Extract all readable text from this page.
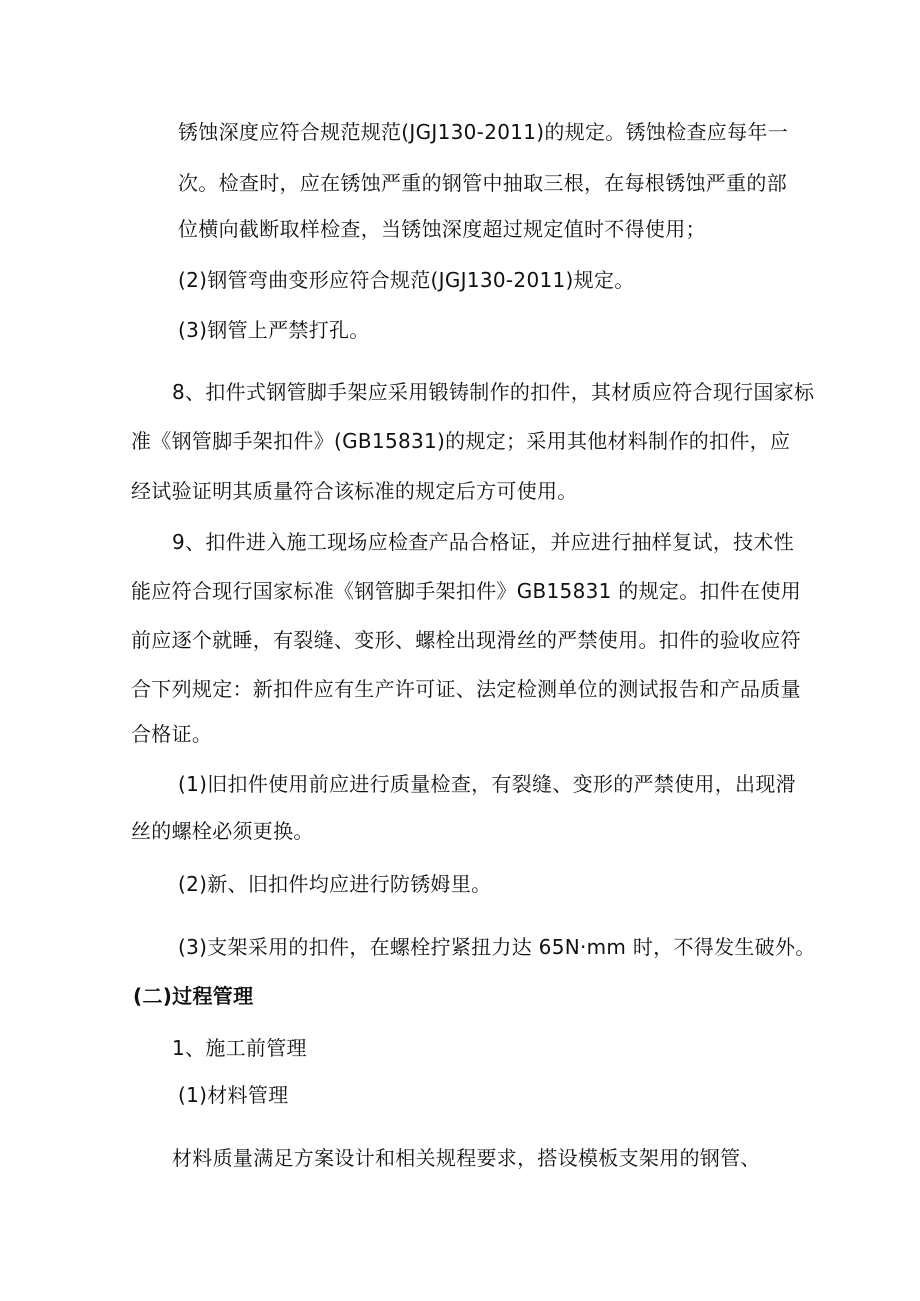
锈蚀深度应符合规范规范(JGJ130-2011)的规定。锈蚀检查应每年一
次。检查时，应在锈蚀严重的钢管中抽取三根，在每根锈蚀严重的部
位横向截断取样检查，当锈蚀深度超过规定值时不得使用；
(2)钢管弯曲变形应符合规范(JGJ130-2011)规定。
(3)钢管上严禁打孔。
8、扣件式钢管脚手架应采用锻铸制作的扣件，其材质应符合现行国家标
准《钢管脚手架扣件》(GB15831)的规定；采用其他材料制作的扣件，应
经试验证明其质量符合该标准的规定后方可使用。
9、扣件进入施工现场应检查产品合格证，并应进行抽样复试，技术性
能应符合现行国家标准《钢管脚手架扣件》GB15831 的规定。扣件在使用
前应逐个就睡，有裂缝、变形、螺栓出现滑丝的严禁使用。扣件的验收应符
合下列规定：新扣件应有生产许可证、法定检测单位的测试报告和产品质量
合格证。
(1)旧扣件使用前应进行质量检查，有裂缝、变形的严禁使用，出现滑
丝的螺栓必须更换。
(2)新、旧扣件均应进行防锈姆里。
(3)支架采用的扣件，在螺栓拧紧扭力达 65N·mm 时，不得发生破外。
(二)过程管理
1、施工前管理
(1)材料管理
材料质量满足方案设计和相关规程要求，搭设模板支架用的钢管、
